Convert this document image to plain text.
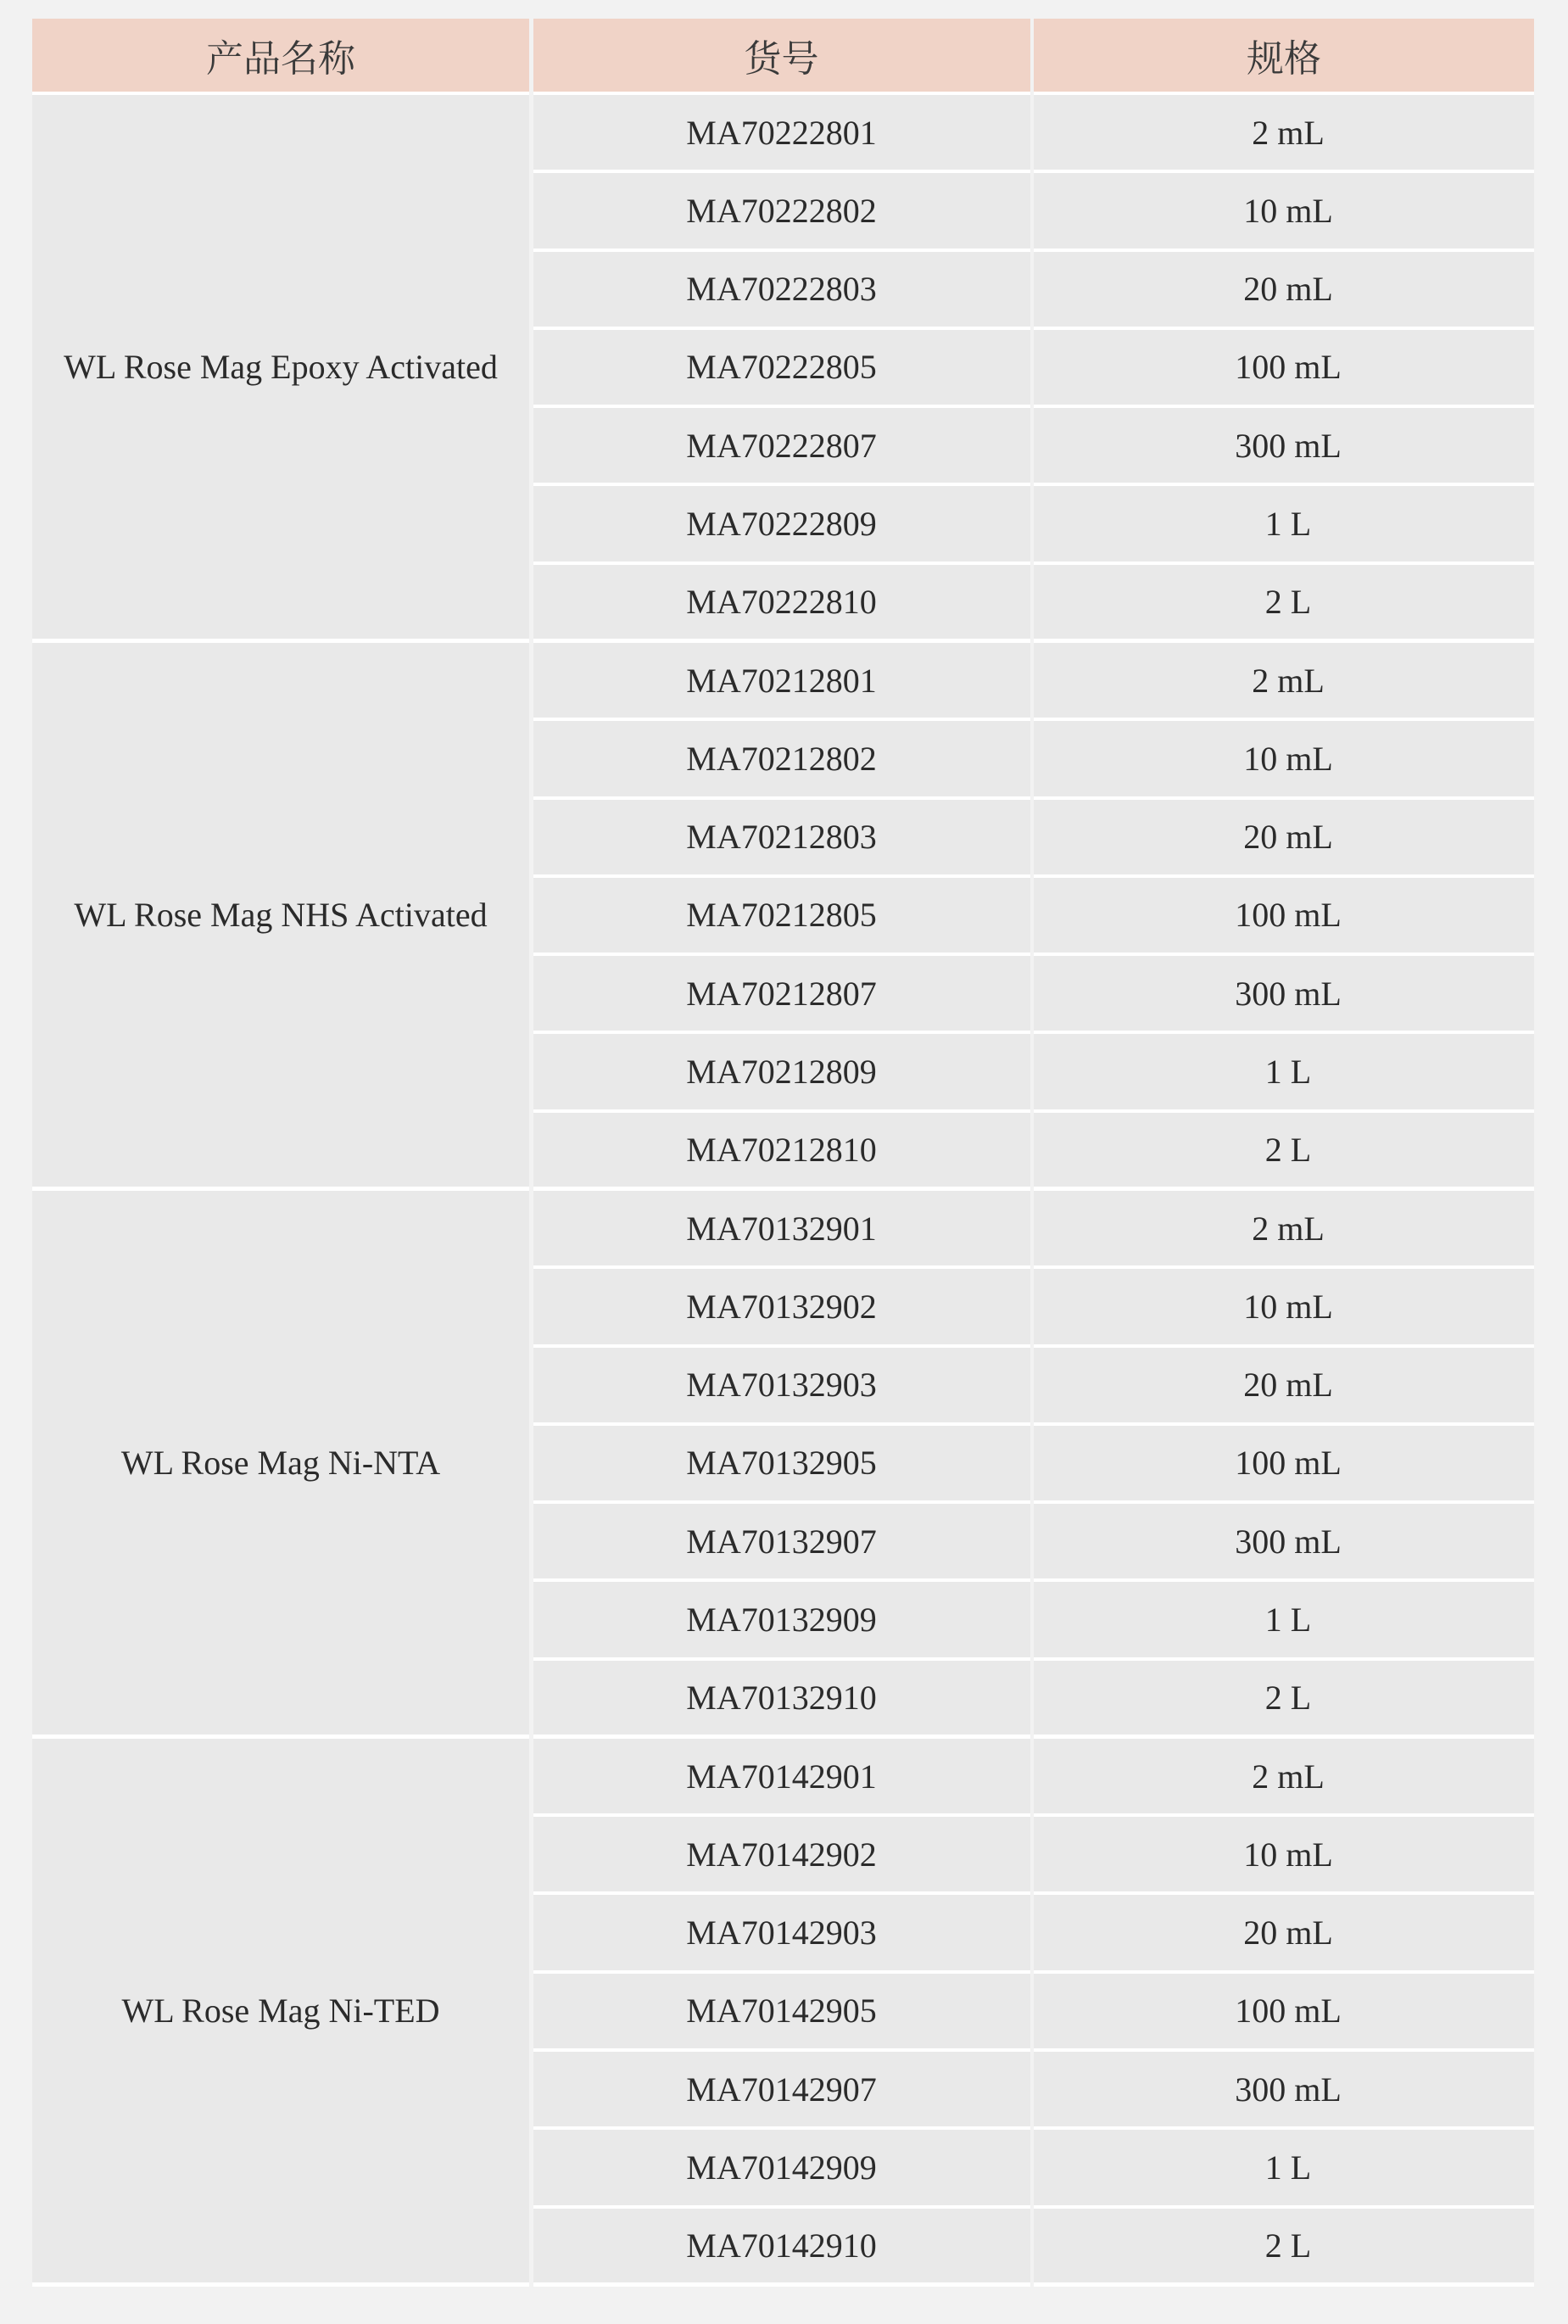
产品名称	货号	规格
WL Rose Mag Epoxy Activated
MA70222801	2 mL
MA70222802	10 mL
MA70222803	20 mL
MA70222805	100 mL
MA70222807	300 mL
MA70222809	1 L
MA70222810	2 L
WL Rose Mag NHS Activated
MA70212801	2 mL
MA70212802	10 mL
MA70212803	20 mL
MA70212805	100 mL
MA70212807	300 mL
MA70212809	1 L
MA70212810	2 L
WL Rose Mag Ni-NTA
MA70132901	2 mL
MA70132902	10 mL
MA70132903	20 mL
MA70132905	100 mL
MA70132907	300 mL
MA70132909	1 L
MA70132910	2 L
WL Rose Mag Ni-TED
MA70142901	2 mL
MA70142902	10 mL
MA70142903	20 mL
MA70142905	100 mL
MA70142907	300 mL
MA70142909	1 L
MA70142910	2 L
